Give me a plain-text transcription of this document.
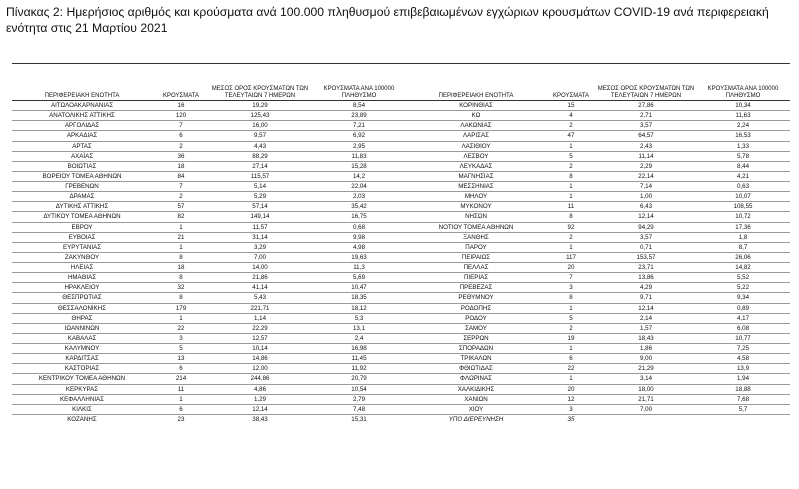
Πίνακας 2: Ημερήσιος αριθμός και κρούσματα ανά 100.000 πληθυσμού επιβεβαιωμένων εγχώριων κρουσμάτων COVID-19 ανά περιφερειακή ενότητα στις 21 Μαρτίου 2021
ΠΕΡΙΦΕΡΕΙΑΚΗ ΕΝΟΤΗΤΑ	ΚΡΟΥΣΜΑΤΑ	ΜΕΣΟΣ ΟΡΟΣ ΚΡΟΥΣΜΑΤΩΝ ΤΩΝ ΤΕΛΕΥΤΑΙΩΝ 7 ΗΜΕΡΩΝ	ΚΡΟΥΣΜΑΤΑ ΑΝΑ 100000 ΠΛΗΘΥΣΜΟ
ΑΙΤΩΛΟΑΚΑΡΝΑΝΙΑΣ	16	19,29	8,54
ΑΝΑΤΟΛΙΚΗΣ ΑΤΤΙΚΗΣ	120	125,43	23,89
ΑΡΓΟΛΙΔΑΣ	7	16,00	7,21
ΑΡΚΑΔΙΑΣ	6	9,57	6,92
ΑΡΤΑΣ	2	4,43	2,95
ΑΧΑΪΑΣ	36	88,29	11,83
ΒΟΙΩΤΙΑΣ	18	27,14	15,28
ΒΟΡΕΙΟΥ ΤΟΜΕΑ ΑΘΗΝΩΝ	84	115,57	14,2
ΓΡΕΒΕΝΩΝ	7	5,14	22,04
ΔΡΑΜΑΣ	2	5,29	2,03
ΔΥΤΙΚΗΣ ΑΤΤΙΚΗΣ	57	57,14	35,42
ΔΥΤΙΚΟΥ ΤΟΜΕΑ ΑΘΗΝΩΝ	82	149,14	16,75
ΕΒΡΟΥ	1	11,57	0,68
ΕΥΒΟΙΑΣ	21	31,14	9,98
ΕΥΡΥΤΑΝΙΑΣ	1	3,29	4,98
ΖΑΚΥΝΘΟΥ	8	7,00	19,63
ΗΛΕΙΑΣ	18	14,00	11,3
ΗΜΑΘΙΑΣ	8	21,86	5,69
ΗΡΑΚΛΕΙΟΥ	32	41,14	10,47
ΘΕΣΠΡΩΤΙΑΣ	8	5,43	18,35
ΘΕΣΣΑΛΟΝΙΚΗΣ	179	221,71	18,12
ΘΗΡΑΣ	1	1,14	5,3
ΙΩΑΝΝΙΝΩΝ	22	22,29	13,1
ΚΑΒΑΛΑΣ	3	12,57	2,4
ΚΑΛΥΜΝΟΥ	5	10,14	16,98
ΚΑΡΔΙΤΣΑΣ	13	14,86	11,45
ΚΑΣΤΟΡΙΑΣ	6	12,00	11,92
ΚΕΝΤΡΙΚΟΥ ΤΟΜΕΑ ΑΘΗΝΩΝ	214	244,86	20,79
ΚΕΡΚΥΡΑΣ	11	4,86	10,54
ΚΕΦΑΛΛΗΝΙΑΣ	1	1,29	2,79
ΚΙΛΚΙΣ	6	12,14	7,48
ΚΟΖΑΝΗΣ	23	38,43	15,31
ΠΕΡΙΦΕΡΕΙΑΚΗ ΕΝΟΤΗΤΑ	ΚΡΟΥΣΜΑΤΑ	ΜΕΣΟΣ ΟΡΟΣ ΚΡΟΥΣΜΑΤΩΝ ΤΩΝ ΤΕΛΕΥΤΑΙΩΝ 7 ΗΜΕΡΩΝ	ΚΡΟΥΣΜΑΤΑ ΑΝΑ 100000 ΠΛΗΘΥΣΜΟ
ΚΟΡΙΝΘΙΑΣ	15	27,86	10,34
ΚΩ	4	2,71	11,63
ΛΑΚΩΝΙΑΣ	2	3,57	2,24
ΛΑΡΙΣΑΣ	47	64,57	16,53
ΛΑΣΙΘΙΟΥ	1	2,43	1,33
ΛΕΣΒΟΥ	5	11,14	5,78
ΛΕΥΚΑΔΑΣ	2	2,29	8,44
ΜΑΓΝΗΣΙΑΣ	8	22,14	4,21
ΜΕΣΣΗΝΙΑΣ	1	7,14	0,63
ΜΗΛΟΥ	1	1,00	10,07
ΜΥΚΟΝΟΥ	11	6,43	108,55
ΝΗΣΩΝ	8	12,14	10,72
ΝΟΤΙΟΥ ΤΟΜΕΑ ΑΘΗΝΩΝ	92	94,29	17,36
ΞΑΝΘΗΣ	2	3,57	1,8
ΠΑΡΟΥ	1	0,71	8,7
ΠΕΙΡΑΙΩΣ	117	153,57	26,06
ΠΕΛΛΑΣ	20	23,71	14,82
ΠΙΕΡΙΑΣ	7	13,86	5,52
ΠΡΕΒΕΖΑΣ	3	4,29	5,22
ΡΕΘΥΜΝΟΥ	8	9,71	9,34
ΡΟΔΟΠΗΣ	1	12,14	0,89
ΡΟΔΟΥ	5	2,14	4,17
ΣΑΜΟΥ	2	1,57	6,08
ΣΕΡΡΩΝ	19	18,43	10,77
ΣΠΟΡΑΔΩΝ	1	1,86	7,25
ΤΡΙΚΑΛΩΝ	6	9,00	4,58
ΦΘΙΩΤΙΔΑΣ	22	21,29	13,9
ΦΛΩΡΙΝΑΣ	1	3,14	1,94
ΧΑΛΚΙΔΙΚΗΣ	20	18,00	18,88
ΧΑΝΙΩΝ	12	21,71	7,68
ΧΙΟΥ	3	7,00	5,7
ΥΠΟ ΔΙΕΡΕΥΝΗΣΗ	35		
